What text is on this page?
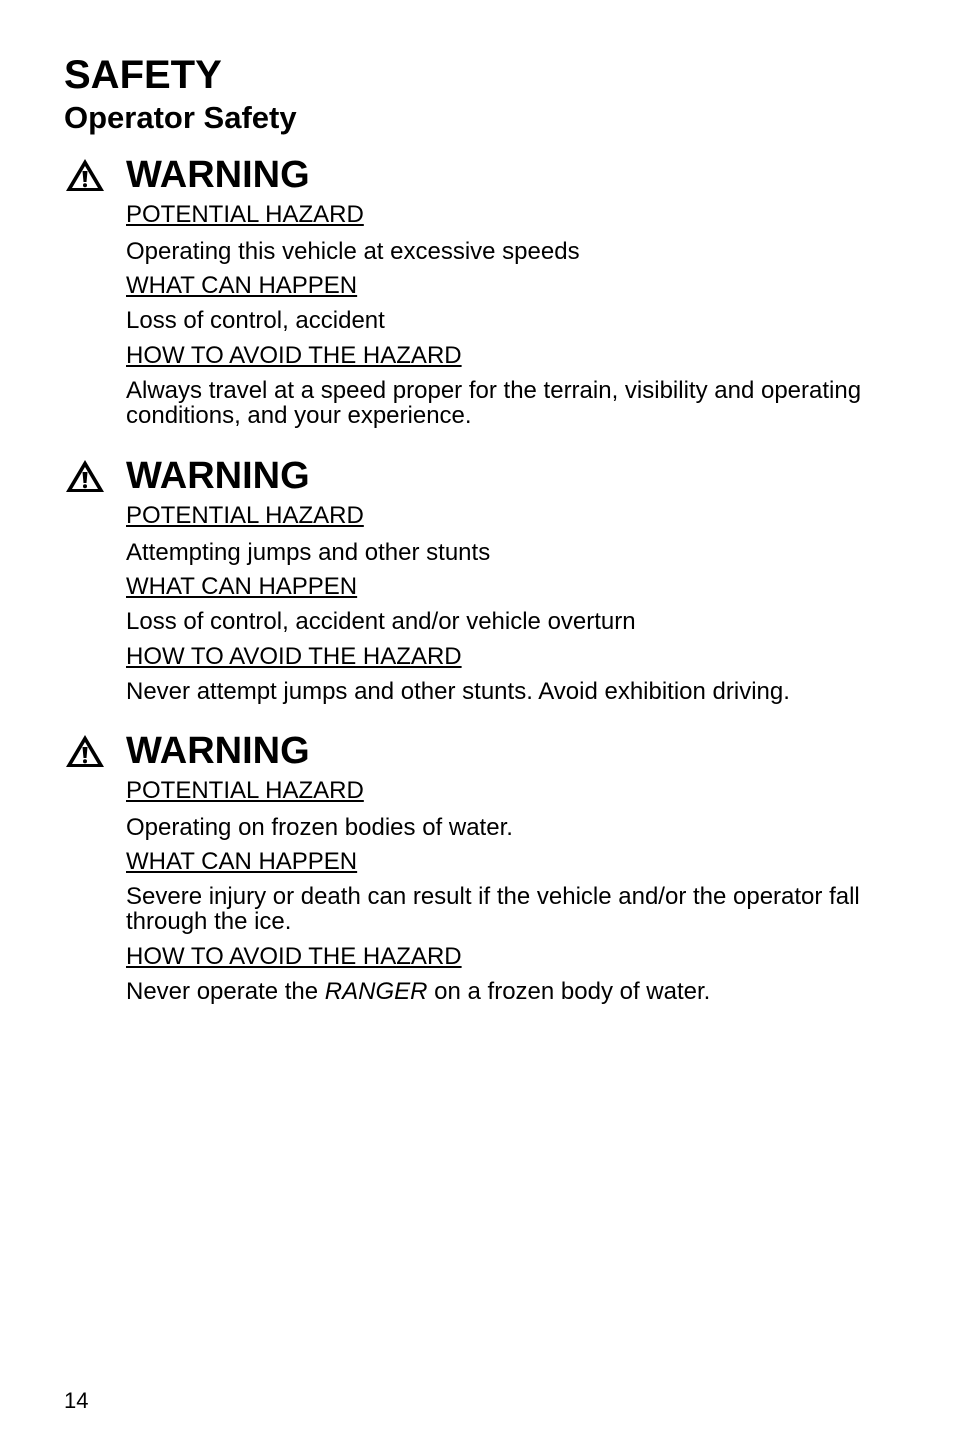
SAFETY
Operator Safety
WARNING
POTENTIAL HAZARD
Operating this vehicle at excessive speeds
WHAT CAN HAPPEN
Loss of control, accident
HOW TO AVOID THE HAZARD
Always travel at a speed proper for the terrain, visibility and operating conditions, and your experience.
WARNING
POTENTIAL HAZARD
Attempting jumps and other stunts
WHAT CAN HAPPEN
Loss of control, accident and/or vehicle overturn
HOW TO AVOID THE HAZARD
Never attempt jumps and other stunts. Avoid exhibition driving.
WARNING
POTENTIAL HAZARD
Operating on frozen bodies of water.
WHAT CAN HAPPEN
Severe injury or death can result if the vehicle and/or the operator fall through the ice.
HOW TO AVOID THE HAZARD
Never operate the RANGER on a frozen body of water.
14
